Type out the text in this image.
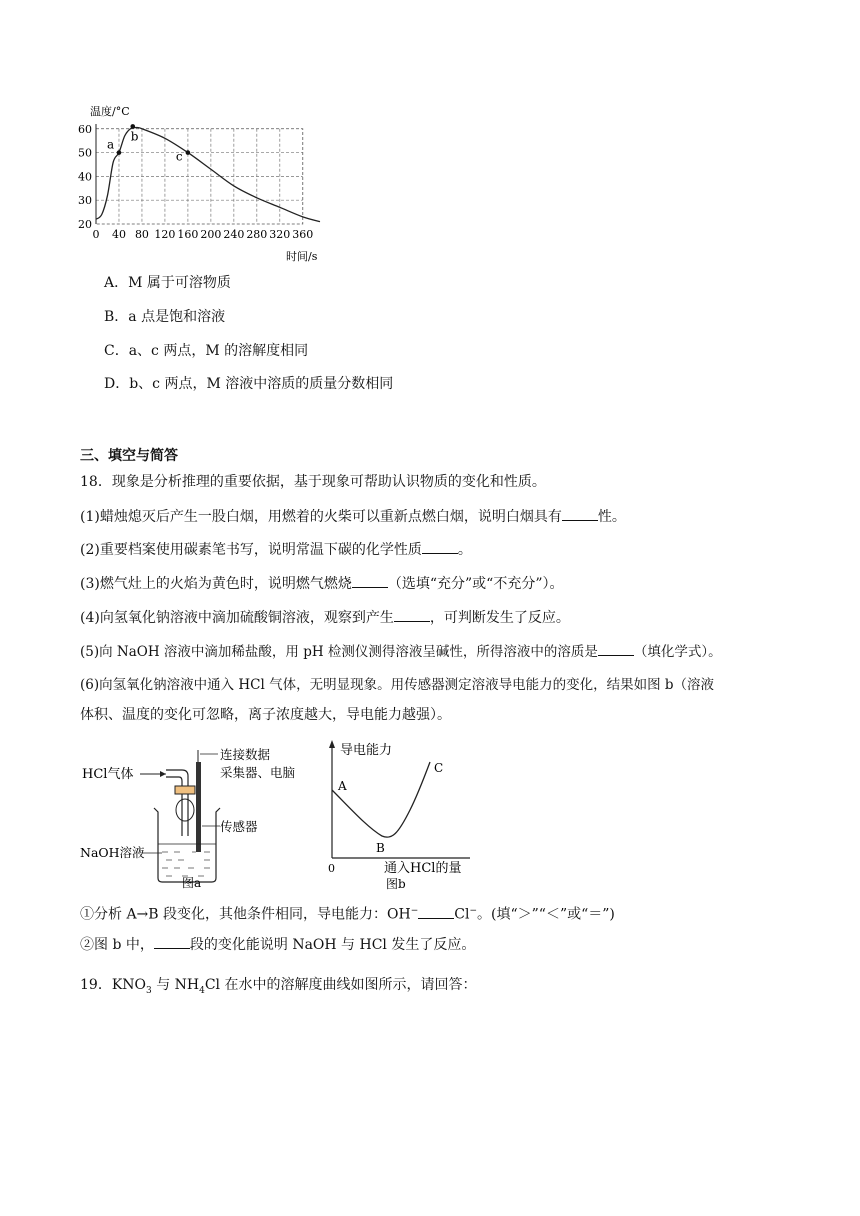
温度/°C
时间/s
60
50
40
30
20
0 40 80 120 160 200 240 280 320 360
a
b
c
A．M 属于可溶物质
B．a 点是饱和溶液
C．a、c 两点，M 的溶解度相同
D．b、c 两点，M 溶液中溶质的质量分数相同
三、填空与简答
18．现象是分析推理的重要依据，基于现象可帮助认识物质的变化和性质。
(1)蜡烛熄灭后产生一股白烟，用燃着的火柴可以重新点燃白烟，说明白烟具有	性。
(2)重要档案使用碳素笔书写，说明常温下碳的化学性质	。
(3)燃气灶上的火焰为黄色时，说明燃气燃烧	（选填“充分”或“不充分”）。
(4)向氢氧化钠溶液中滴加硫酸铜溶液，观察到产生	，可判断发生了反应。
(5)向 NaOH 溶液中滴加稀盐酸，用 pH 检测仪测得溶液呈碱性，所得溶液中的溶质是	（填化学式）。
(6)向氢氧化钠溶液中通入 HCl 气体，无明显现象。用传感器测定溶液导电能力的变化，结果如图 b（溶液
体积、温度的变化可忽略，离子浓度越大，导电能力越强）。
HCl气体
连接数据
采集器、电脑
传感器
NaOH溶液
图a
导电能力
0	通入HCl的量
图b
A
B
C
①分析 A→B 段变化，其他条件相同，导电能力：OH−	Cl−。(填“＞”“＜”或“＝”)
②图 b 中，	段的变化能说明 NaOH 与 HCl 发生了反应。
19．$KNO_3$ 与 $NH_4Cl$ 在水中的溶解度曲线如图所示，请回答：
